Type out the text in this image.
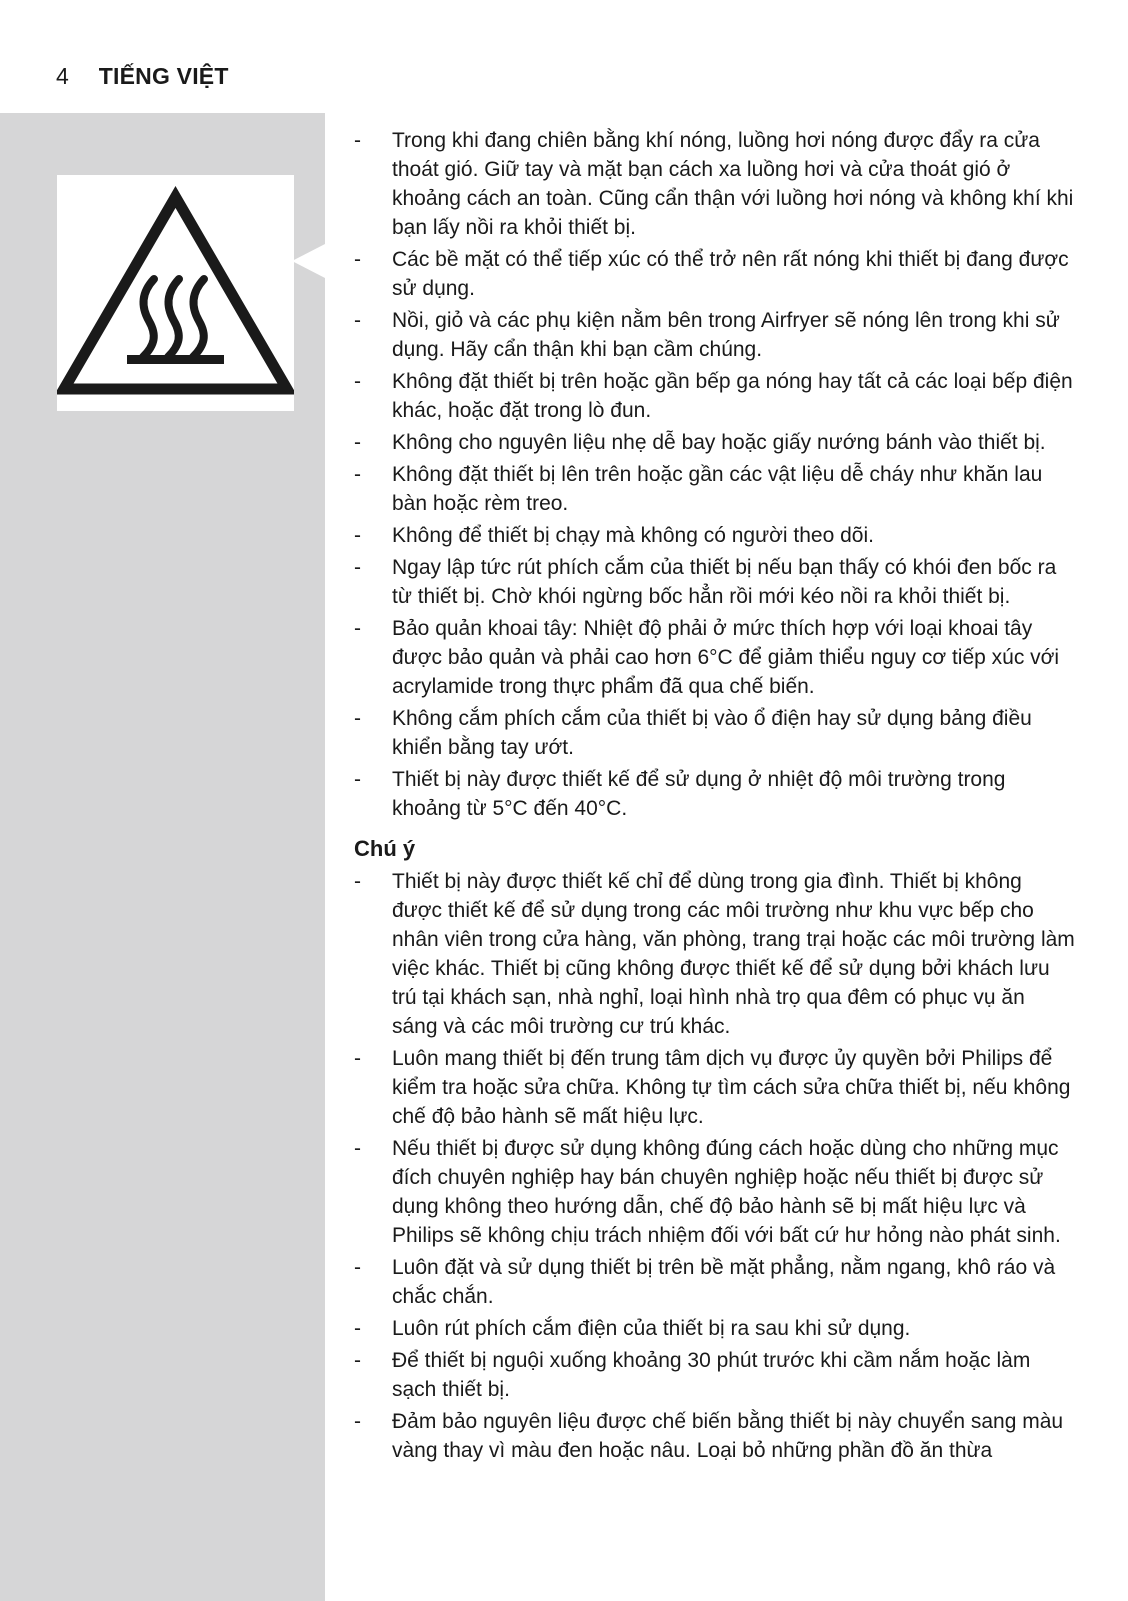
4 TIẾNG VIỆT
- Trong khi đang chiên bằng khí nóng, luồng hơi nóng được đẩy ra cửa thoát gió. Giữ tay và mặt bạn cách xa luồng hơi và cửa thoát gió ở khoảng cách an toàn. Cũng cẩn thận với luồng hơi nóng và không khí khi bạn lấy nồi ra khỏi thiết bị.
- Các bề mặt có thể tiếp xúc có thể trở nên rất nóng khi thiết bị đang được sử dụng.
- Nồi, giỏ và các phụ kiện nằm bên trong Airfryer sẽ nóng lên trong khi sử dụng. Hãy cẩn thận khi bạn cầm chúng.
- Không đặt thiết bị trên hoặc gần bếp ga nóng hay tất cả các loại bếp điện khác, hoặc đặt trong lò đun.
- Không cho nguyên liệu nhẹ dễ bay hoặc giấy nướng bánh vào thiết bị.
- Không đặt thiết bị lên trên hoặc gần các vật liệu dễ cháy như khăn lau bàn hoặc rèm treo.
- Không để thiết bị chạy mà không có người theo dõi.
- Ngay lập tức rút phích cắm của thiết bị nếu bạn thấy có khói đen bốc ra từ thiết bị. Chờ khói ngừng bốc hẳn rồi mới kéo nồi ra khỏi thiết bị.
- Bảo quản khoai tây: Nhiệt độ phải ở mức thích hợp với loại khoai tây được bảo quản và phải cao hơn 6°C để giảm thiểu nguy cơ tiếp xúc với acrylamide trong thực phẩm đã qua chế biến.
- Không cắm phích cắm của thiết bị vào ổ điện hay sử dụng bảng điều khiển bằng tay ướt.
- Thiết bị này được thiết kế để sử dụng ở nhiệt độ môi trường trong khoảng từ 5°C đến 40°C.
Chú ý
- Thiết bị này được thiết kế chỉ để dùng trong gia đình. Thiết bị không được thiết kế để sử dụng trong các môi trường như khu vực bếp cho nhân viên trong cửa hàng, văn phòng, trang trại hoặc các môi trường làm việc khác. Thiết bị cũng không được thiết kế để sử dụng bởi khách lưu trú tại khách sạn, nhà nghỉ, loại hình nhà trọ qua đêm có phục vụ ăn sáng và các môi trường cư trú khác.
- Luôn mang thiết bị đến trung tâm dịch vụ được ủy quyền bởi Philips để kiểm tra hoặc sửa chữa. Không tự tìm cách sửa chữa thiết bị, nếu không chế độ bảo hành sẽ mất hiệu lực.
- Nếu thiết bị được sử dụng không đúng cách hoặc dùng cho những mục đích chuyên nghiệp hay bán chuyên nghiệp hoặc nếu thiết bị được sử dụng không theo hướng dẫn, chế độ bảo hành sẽ bị mất hiệu lực và Philips sẽ không chịu trách nhiệm đối với bất cứ hư hỏng nào phát sinh.
- Luôn đặt và sử dụng thiết bị trên bề mặt phẳng, nằm ngang, khô ráo và chắc chắn.
- Luôn rút phích cắm điện của thiết bị ra sau khi sử dụng.
- Để thiết bị nguội xuống khoảng 30 phút trước khi cầm nắm hoặc làm sạch thiết bị.
- Đảm bảo nguyên liệu được chế biến bằng thiết bị này chuyển sang màu vàng thay vì màu đen hoặc nâu. Loại bỏ những phần đồ ăn thừa
